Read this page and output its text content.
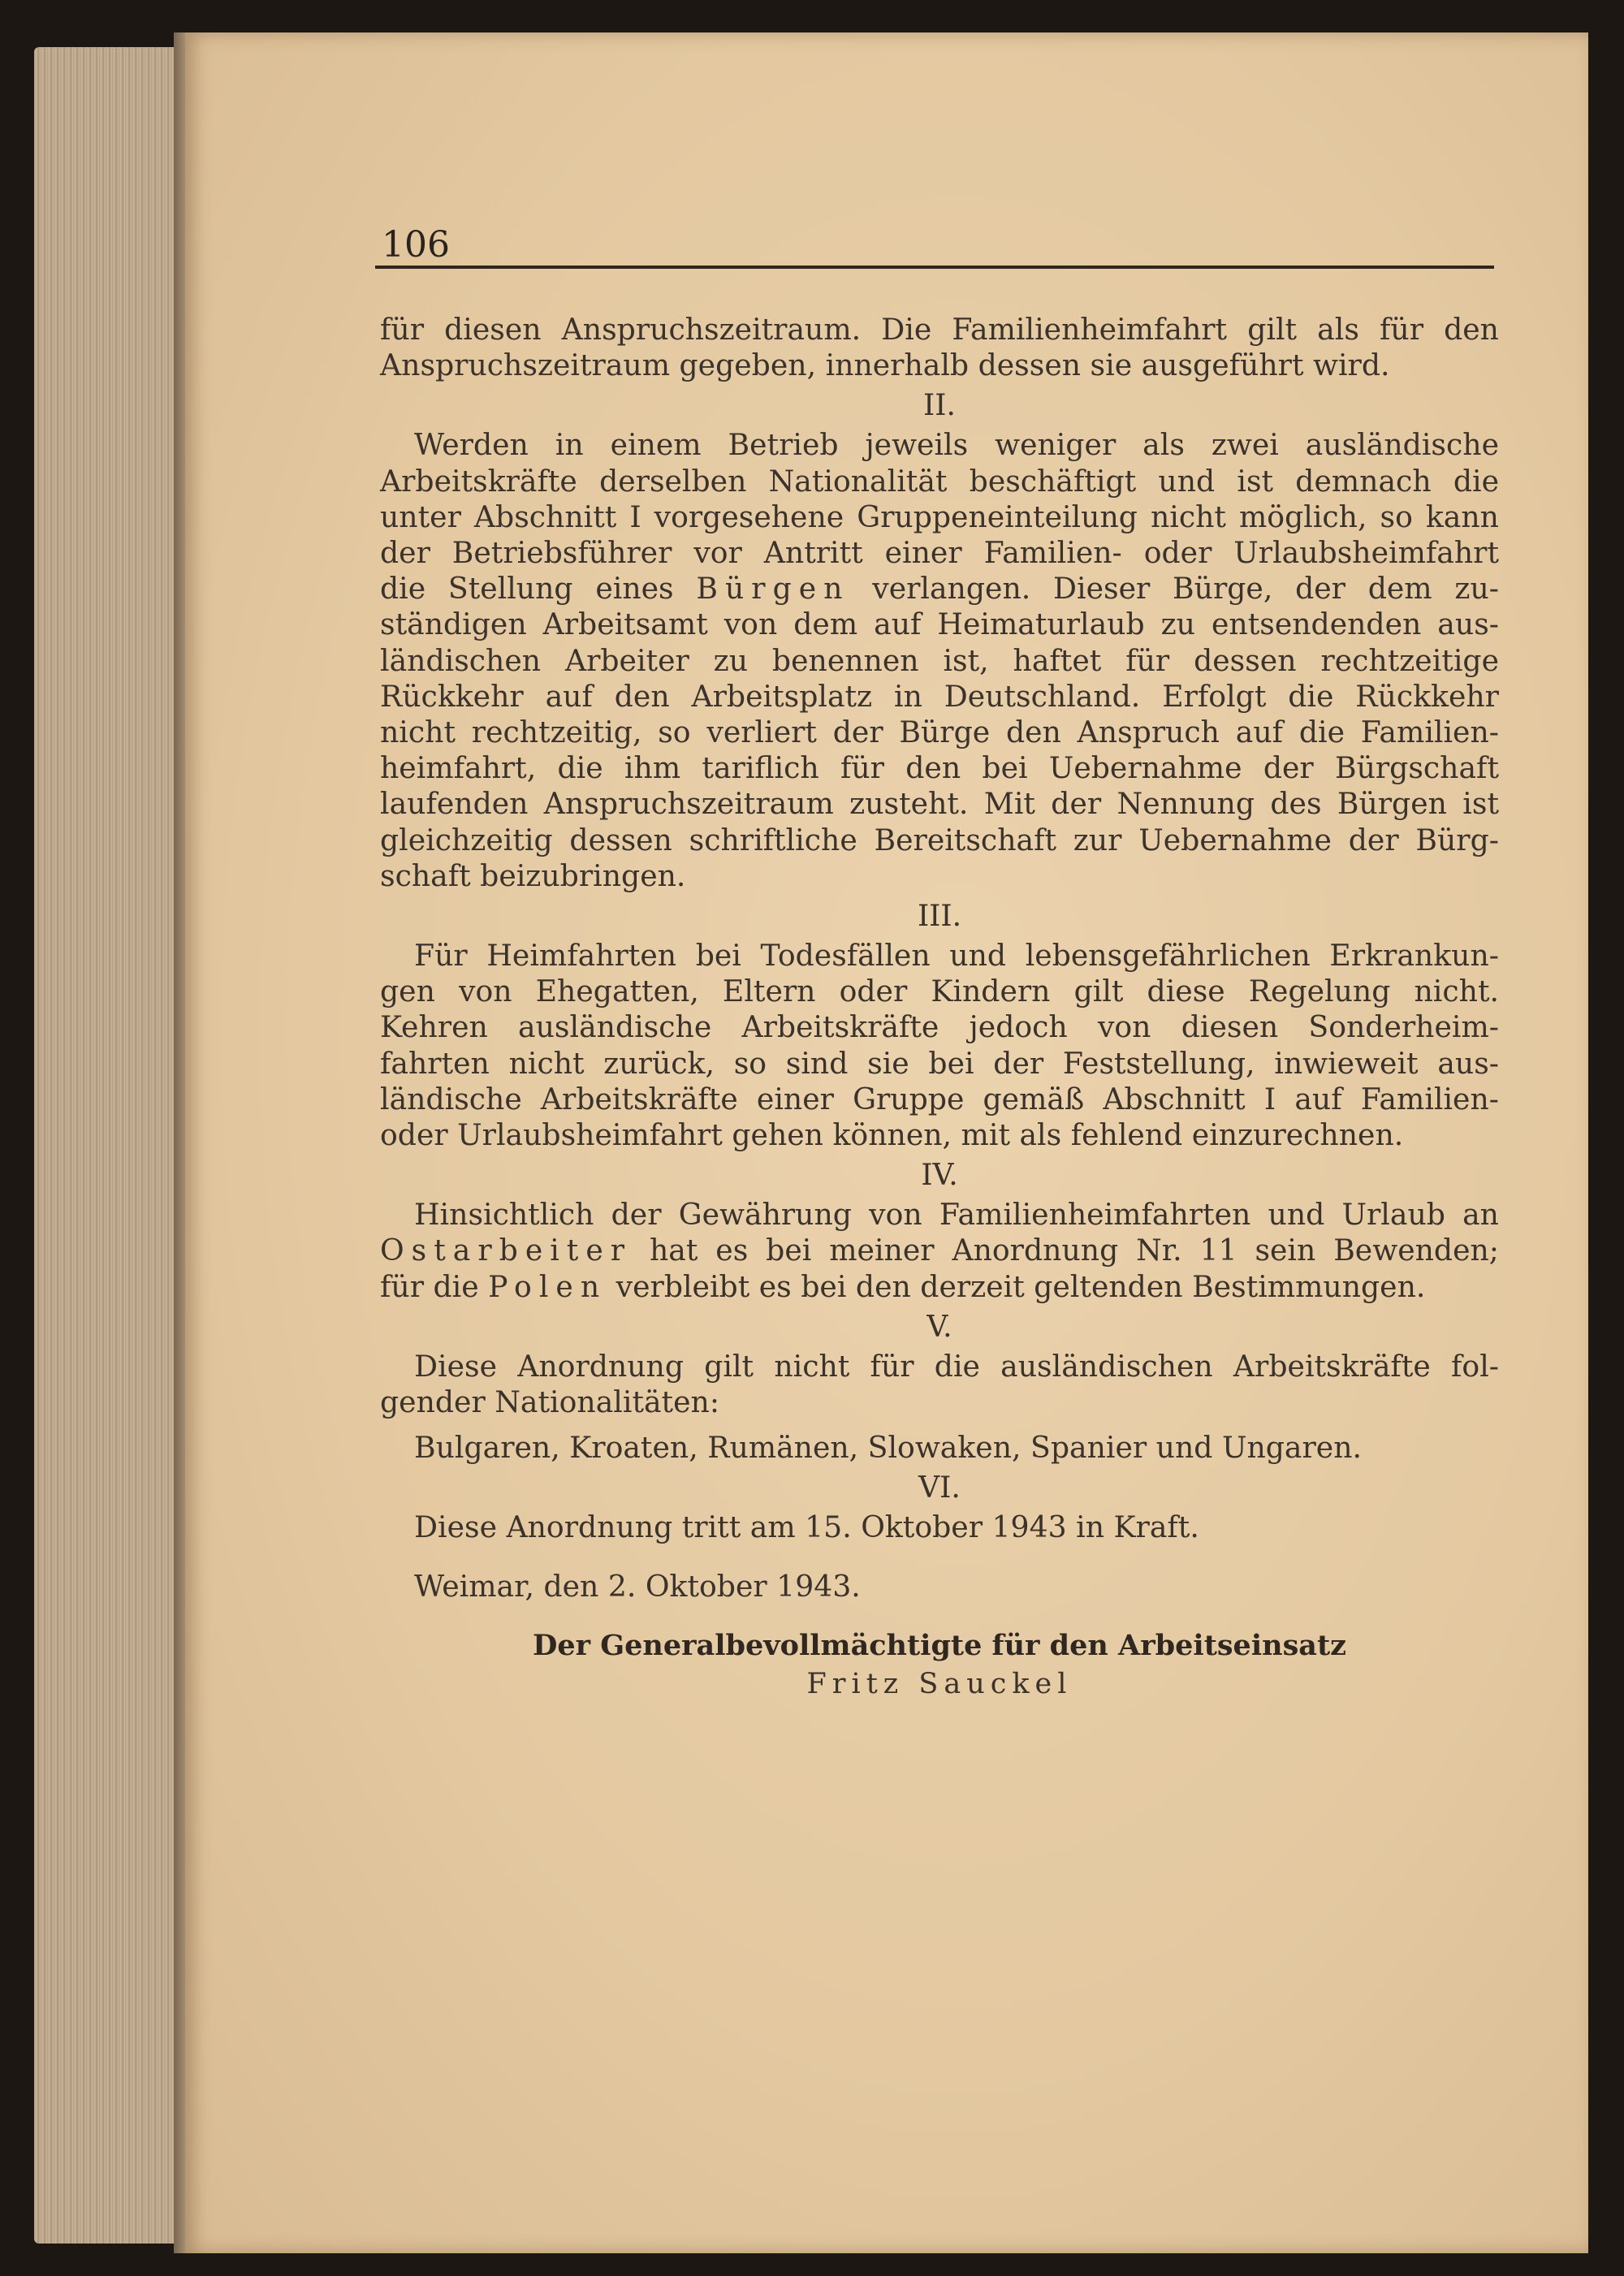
106

für diesen Anspruchszeitraum. Die Familienheimfahrt gilt als für den

Anspruchszeitraum gegeben, innerhalb dessen sie ausgeführt wird.

II.

Werden in einem Betrieb jeweils weniger als zwei ausländische

Arbeitskräfte derselben Nationalität beschäftigt und ist demnach die

unter Abschnitt I vorgesehene Gruppeneinteilung nicht möglich, so kann

der Betriebsführer vor Antritt einer Familien- oder Urlaubsheimfahrt

die Stellung eines Bürgen verlangen. Dieser Bürge, der dem zu-

ständigen Arbeitsamt von dem auf Heimaturlaub zu entsendenden aus-

ländischen Arbeiter zu benennen ist, haftet für dessen rechtzeitige

Rückkehr auf den Arbeitsplatz in Deutschland. Erfolgt die Rückkehr

nicht rechtzeitig, so verliert der Bürge den Anspruch auf die Familien-

heimfahrt, die ihm tariflich für den bei Uebernahme der Bürgschaft

laufenden Anspruchszeitraum zusteht. Mit der Nennung des Bürgen ist

gleichzeitig dessen schriftliche Bereitschaft zur Uebernahme der Bürg-

schaft beizubringen.

III.

Für Heimfahrten bei Todesfällen und lebensgefährlichen Erkrankun-

gen von Ehegatten, Eltern oder Kindern gilt diese Regelung nicht.

Kehren ausländische Arbeitskräfte jedoch von diesen Sonderheim-

fahrten nicht zurück, so sind sie bei der Feststellung, inwieweit aus-

ländische Arbeitskräfte einer Gruppe gemäß Abschnitt I auf Familien-

oder Urlaubsheimfahrt gehen können, mit als fehlend einzurechnen.

IV.

Hinsichtlich der Gewährung von Familienheimfahrten und Urlaub an

Ostarbeiter hat es bei meiner Anordnung Nr. 11 sein Bewenden;

für die Polen verbleibt es bei den derzeit geltenden Bestimmungen.

V.

Diese Anordnung gilt nicht für die ausländischen Arbeitskräfte fol-

gender Nationalitäten:

Bulgaren, Kroaten, Rumänen, Slowaken, Spanier und Ungaren.

VI.

Diese Anordnung tritt am 15. Oktober 1943 in Kraft.

Weimar, den 2. Oktober 1943.

Der Generalbevollmächtigte für den Arbeitseinsatz

Fritz Sauckel
